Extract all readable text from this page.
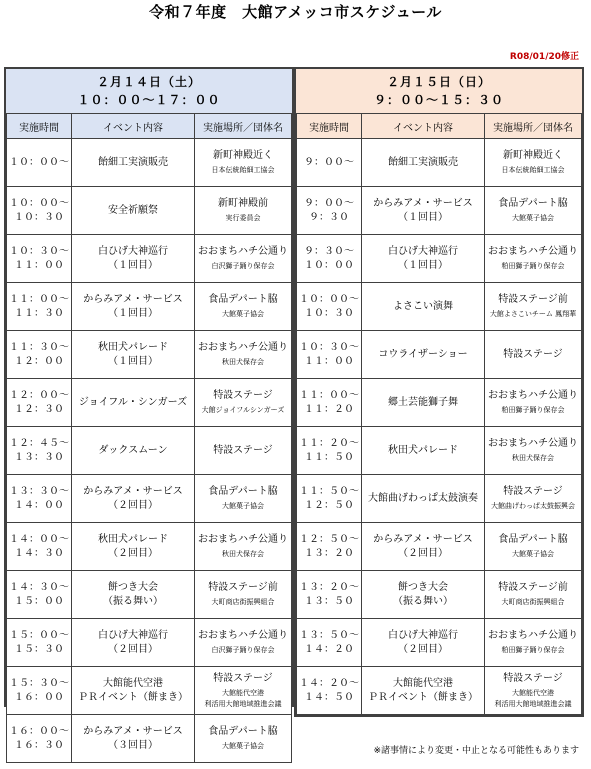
令和７年度　大館アメッコ市スケジュール
R08/01/20修正
２月１４日（土）
１０：００～１７：００
実施時間	イベント内容	実施場所／団体名
１０：００～	飴細工実演販売	新町神殿近く
日本伝統飴細工協会

１０：００～
１０：３０	安全祈願祭	新町神殿前
実行委員会

１０：３０～
１１：００	白ひげ大神巡行
（１回目）	おおまちハチ公通り
白沢獅子踊り保存会

１１：００～
１１：３０	からみアメ・サービス
（１回目）	食品デパート脇
大館菓子協会

１１：３０～
１２：００	秋田犬パレード
（１回目）	おおまちハチ公通り
秋田犬保存会

１２：００～
１２：３０	ジョイフル・シンガーズ	特設ステージ
大館ジョイフルシンガーズ

１２：４５～
１３：３０	ダックスムーン	特設ステージ

１３：３０～
１４：００	からみアメ・サービス
（２回目）	食品デパート脇
大館菓子協会

１４：００～
１４：３０	秋田犬パレード
（２回目）	おおまちハチ公通り
秋田犬保存会

１４：３０～
１５：００	餅つき大会
（振る舞い）	特設ステージ前
大町商店街振興組合

１５：００～
１５：３０	白ひげ大神巡行
（２回目）	おおまちハチ公通り
白沢獅子踊り保存会

１５：３０～
１６：００	大館能代空港
ＰＲイベント（餅まき）	特設ステージ
大館能代空港
利活用大館地域推進会議

１６：００～
１６：３０	からみアメ・サービス
（３回目）	食品デパート脇
大館菓子協会
２月１５日（日）
９：００～１５：３０
実施時間	イベント内容	実施場所／団体名
９：００～	飴細工実演販売	新町神殿近く
日本伝統飴細工協会

９：００～
９：３０	からみアメ・サービス
（１回目）	食品デパート脇
大館菓子協会

９：３０～
１０：００	白ひげ大神巡行
（１回目）	おおまちハチ公通り
粕田獅子踊り保存会

１０：００～
１０：３０	よさこい演舞	特設ステージ前
大館よさこいチーム 鳳翔華

１０：３０～
１１：００	コウライザーショー	特設ステージ

１１：００～
１１：２０	郷土芸能獅子舞	おおまちハチ公通り
粕田獅子踊り保存会

１１：２０～
１１：５０	秋田犬パレード	おおまちハチ公通り
秋田犬保存会

１１：５０～
１２：５０	大館曲げわっぱ太鼓演奏	特設ステージ
大館曲げわっぱ太鼓振興会

１２：５０～
１３：２０	からみアメ・サービス
（２回目）	食品デパート脇
大館菓子協会

１３：２０～
１３：５０	餅つき大会
（振る舞い）	特設ステージ前
大町商店街振興組合

１３：５０～
１４：２０	白ひげ大神巡行
（２回目）	おおまちハチ公通り
粕田獅子踊り保存会

１４：２０～
１４：５０	大館能代空港
ＰＲイベント（餅まき）	特設ステージ
大館能代空港
利活用大館地域推進会議
※諸事情により変更・中止となる可能性もあります
